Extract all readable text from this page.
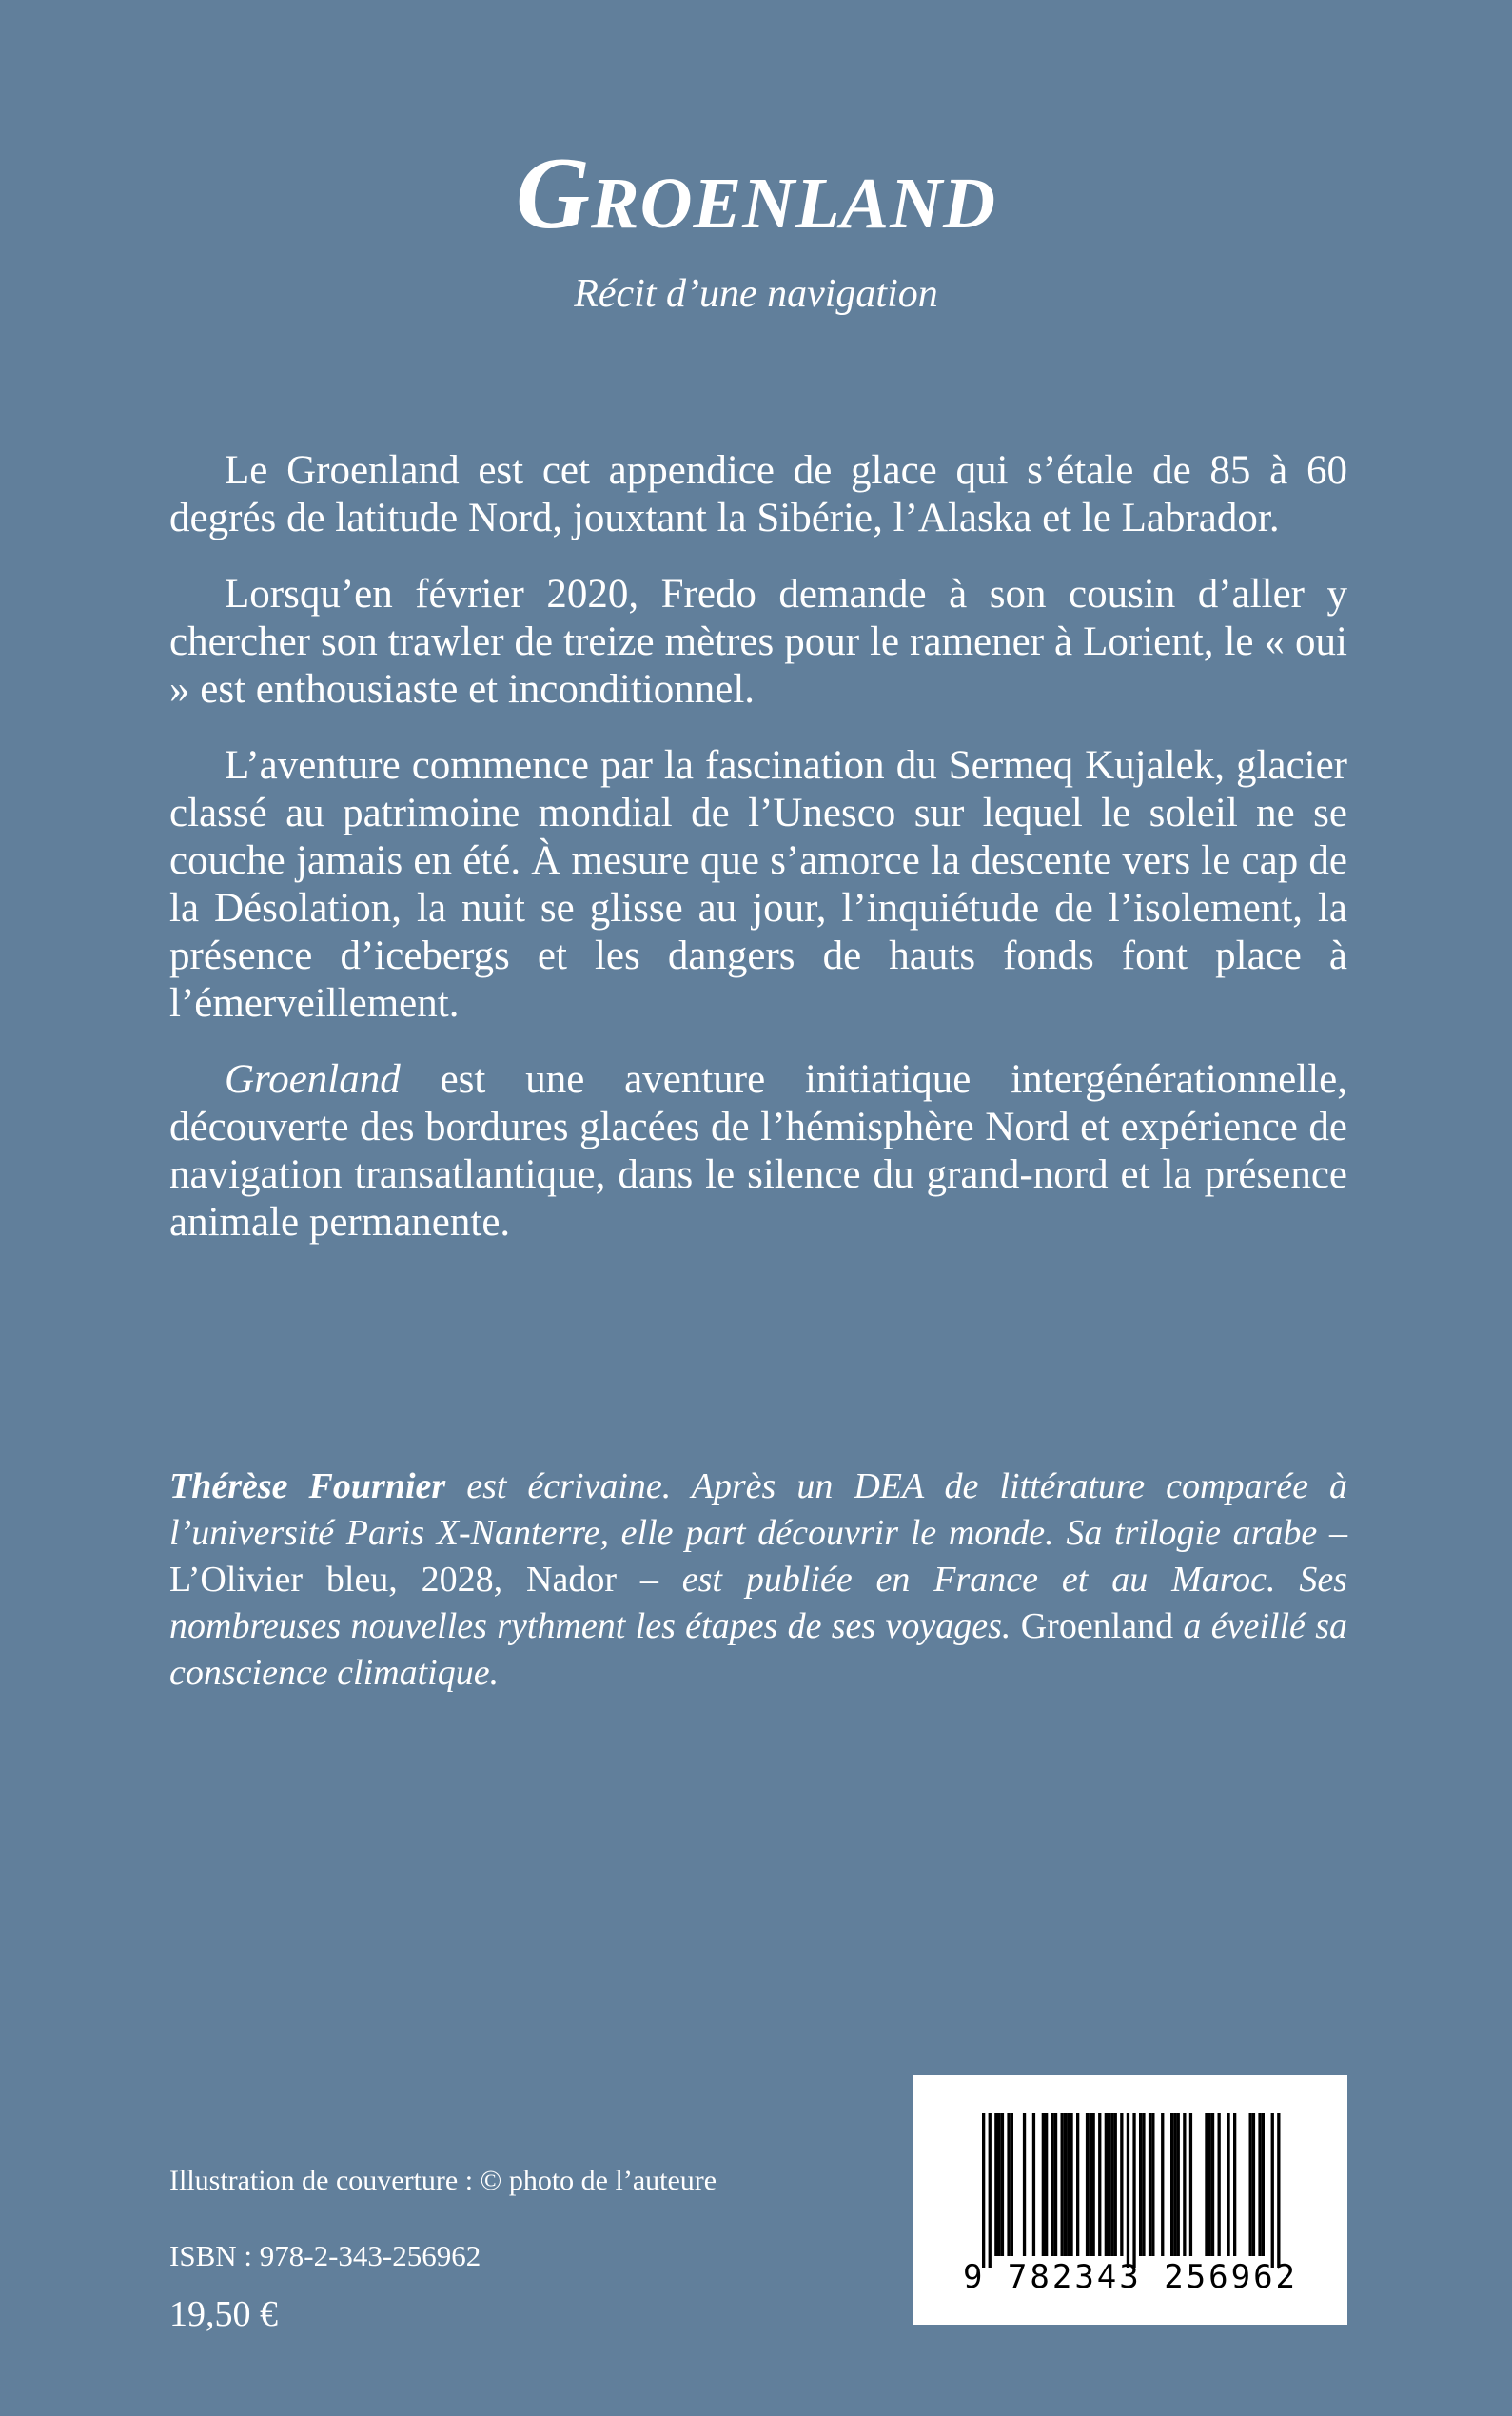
Groenland
Récit d’une navigation

Le Groenland est cet appendice de glace qui s’étale de 85 à 60 degrés de latitude Nord, jouxtant la Sibérie, l’Alaska et le Labrador.

Lorsqu’en février 2020, Fredo demande à son cousin d’aller y chercher son trawler de treize mètres pour le ramener à Lorient, le « oui » est enthousiaste et inconditionnel.

L’aventure commence par la fascination du Sermeq Kujalek, glacier classé au patrimoine mondial de l’Unesco sur lequel le soleil ne se couche jamais en été. À mesure que s’amorce la descente vers le cap de la Désolation, la nuit se glisse au jour, l’inquiétude de l’isolement, la présence d’icebergs et les dangers de hauts fonds font place à l’émerveillement.

Groenland est une aventure initiatique intergénérationnelle, découverte des bordures glacées de l’hémisphère Nord et expérience de navigation transatlantique, dans le silence du grand-nord et la présence animale permanente.

Thérèse Fournier est écrivaine. Après un DEA de littérature comparée à l’université Paris X-Nanterre, elle part découvrir le monde. Sa trilogie arabe – L’Olivier bleu, 2028, Nador – est publiée en France et au Maroc. Ses nombreuses nouvelles rythment les étapes de ses voyages. Groenland a éveillé sa conscience climatique.
Illustration de couverture : © photo de l’auteure
ISBN : 978-2-343-256962
19,50 €
9 782343 256962
